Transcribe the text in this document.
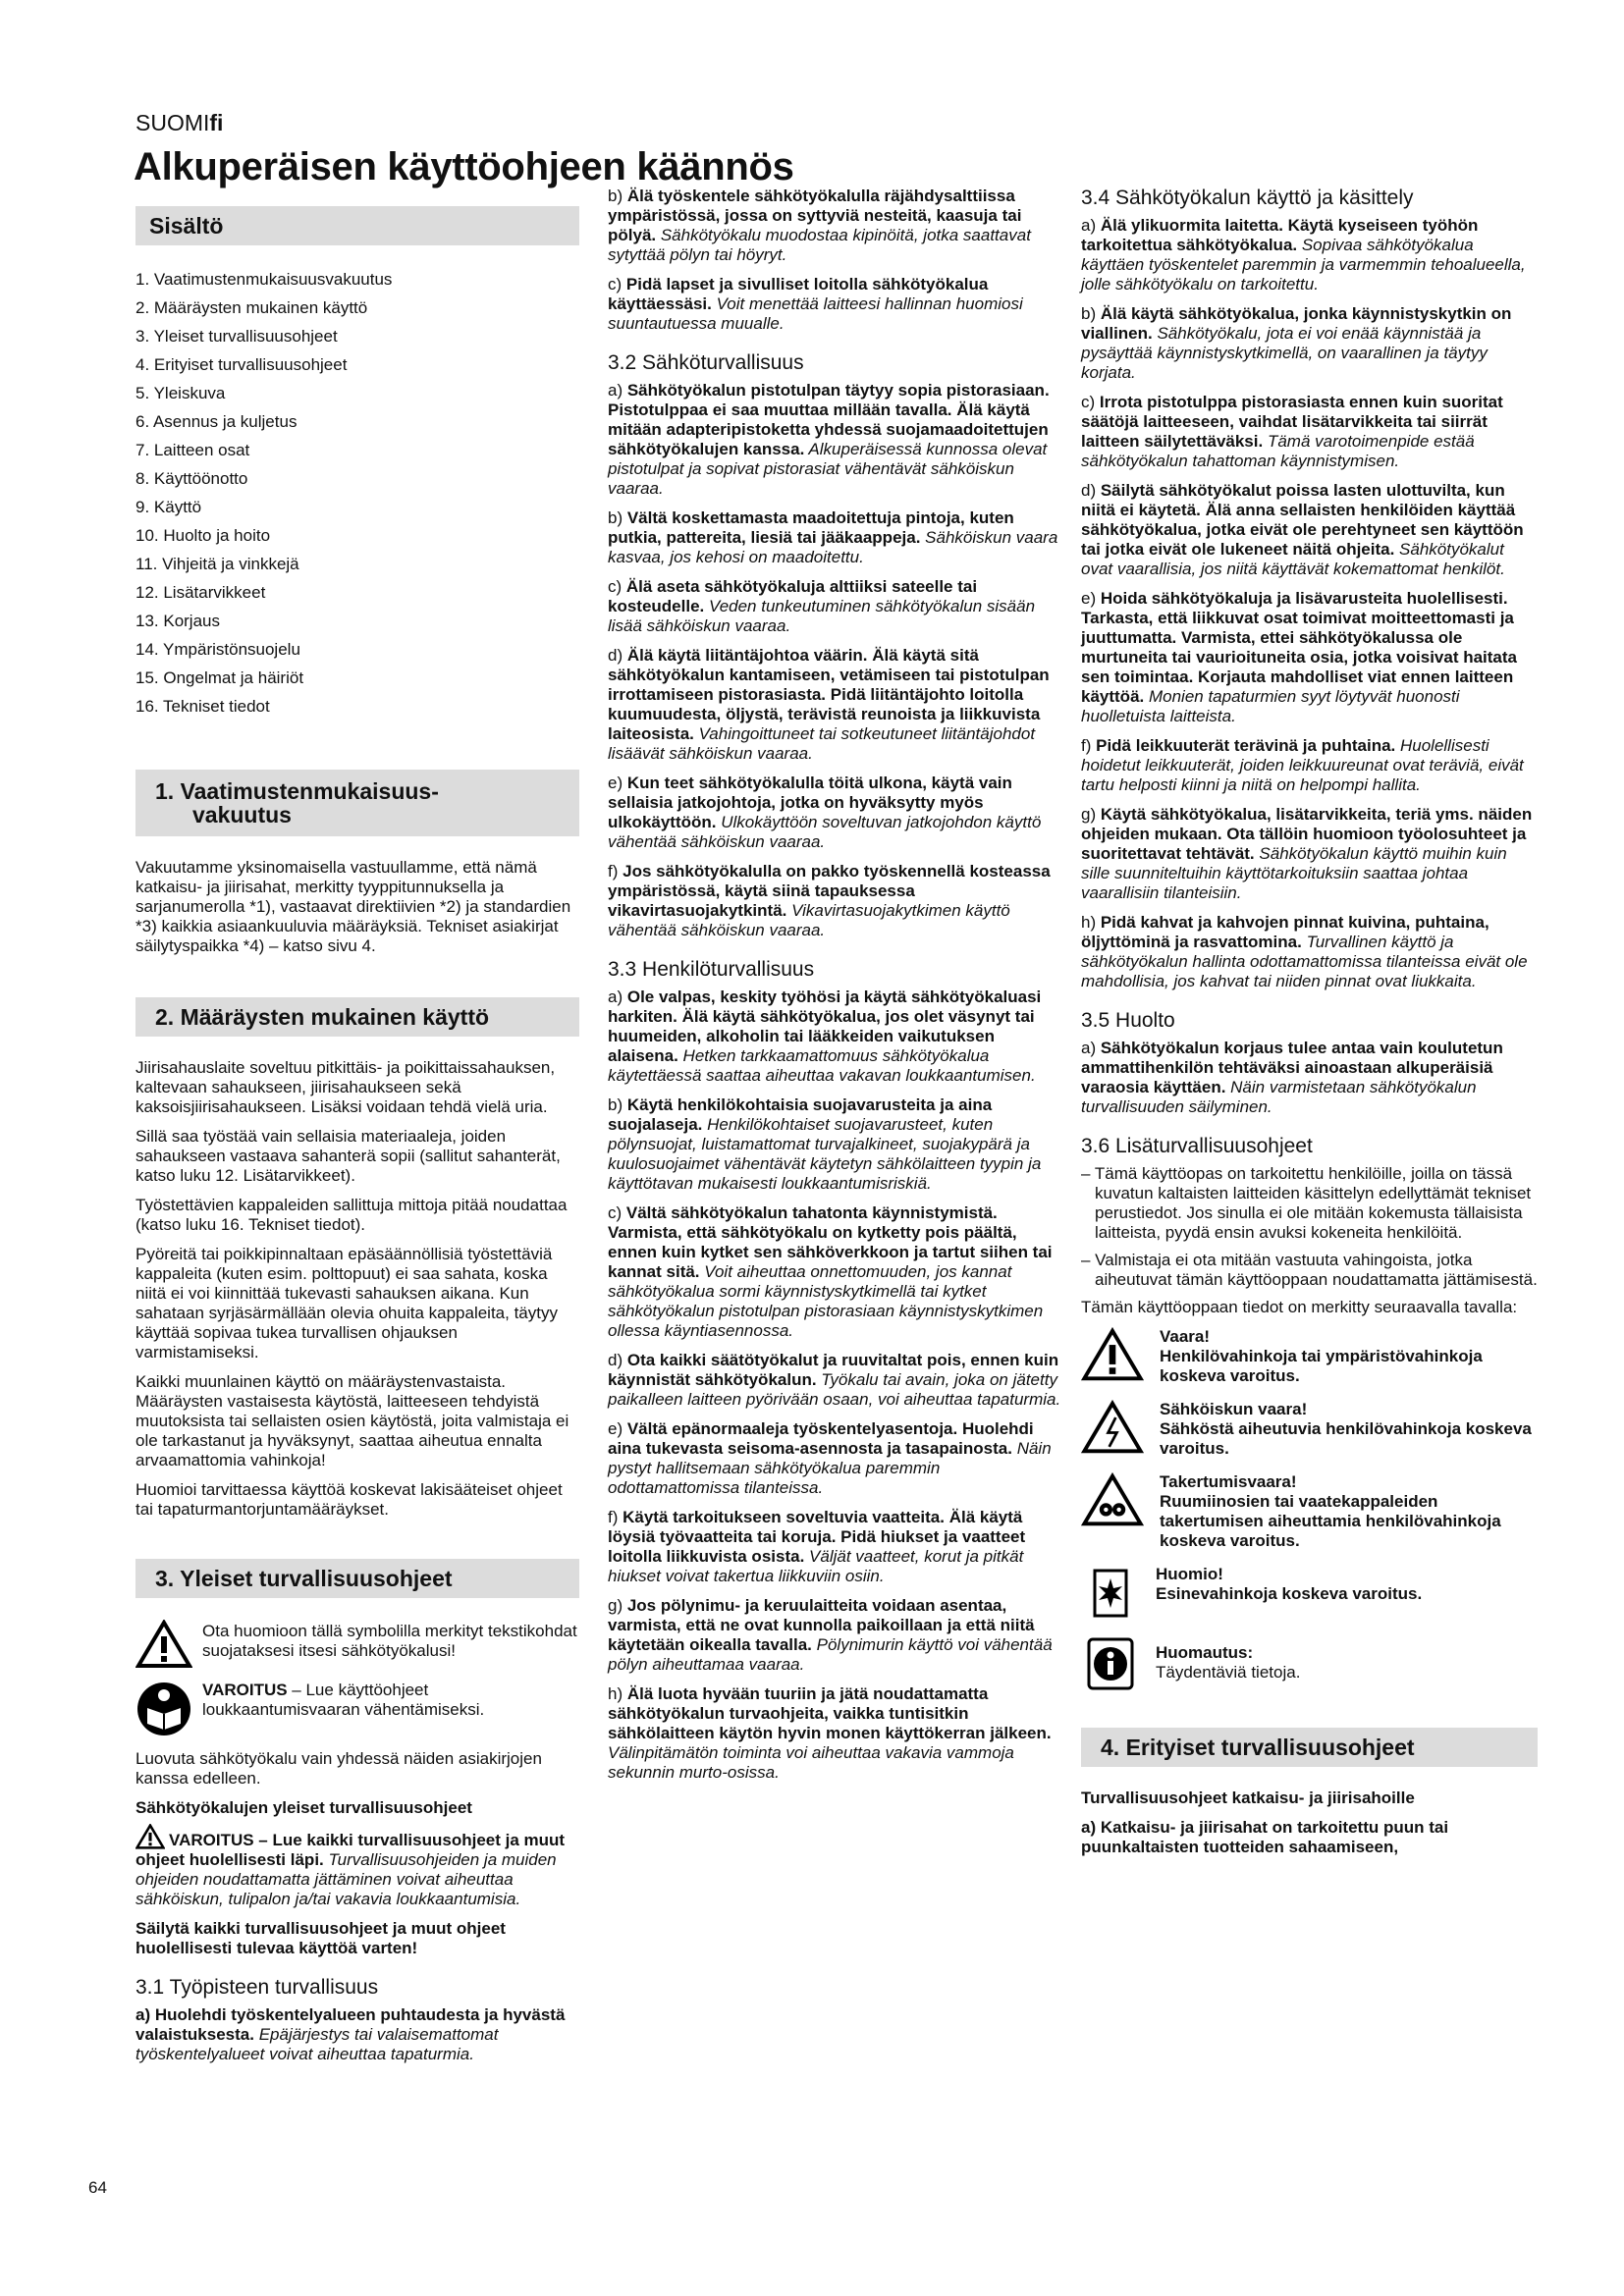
SUOMIfi
Alkuperäisen käyttöohjeen käännös
Sisältö
1. Vaatimustenmukaisuusvakuutus
2. Määräysten mukainen käyttö
3. Yleiset turvallisuusohjeet
4. Erityiset turvallisuusohjeet
5. Yleiskuva
6. Asennus ja kuljetus
7. Laitteen osat
8. Käyttöönotto
9. Käyttö
10. Huolto ja hoito
11. Vihjeitä ja vinkkejä
12. Lisätarvikkeet
13. Korjaus
14. Ympäristönsuojelu
15. Ongelmat ja häiriöt
16. Tekniset tiedot
1. Vaatimustenmukaisuus-
vakuutus

Vakuutamme yksinomaisella vastuullamme, että nämä katkaisu- ja jiirisahat, merkitty tyyppitunnuksella ja sarjanumerolla *1), vastaavat direktiivien *2) ja standardien *3) kaikkia asiaankuuluvia määräyksiä. Tekniset asiakirjat säilytyspaikka *4) – katso sivu 4.

2. Määräysten mukainen käyttö

Jiirisahauslaite soveltuu pitkittäis- ja poikittaissahauksen, kaltevaan sahaukseen, jiirisahaukseen sekä kaksoisjiirisahaukseen. Lisäksi voidaan tehdä vielä uria.

Sillä saa työstää vain sellaisia materiaaleja, joiden sahaukseen vastaava sahanterä sopii (sallitut sahanterät, katso luku 12. Lisätarvikkeet).

Työstettävien kappaleiden sallittuja mittoja pitää noudattaa (katso luku 16. Tekniset tiedot).

Pyöreitä tai poikkipinnaltaan epäsäännöllisiä työstettäviä kappaleita (kuten esim. polttopuut) ei saa sahata, koska niitä ei voi kiinnittää tukevasti sahauksen aikana. Kun sahataan syrjäsärmällään olevia ohuita kappaleita, täytyy käyttää sopivaa tukea turvallisen ohjauksen varmistamiseksi.

Kaikki muunlainen käyttö on määräystenvastaista. Määräysten vastaisesta käytöstä, laitteeseen tehdyistä muutoksista tai sellaisten osien käytöstä, joita valmistaja ei ole tarkastanut ja hyväksynyt, saattaa aiheutua ennalta arvaamattomia vahinkoja!

Huomioi tarvittaessa käyttöä koskevat lakisääteiset ohjeet tai tapaturmantorjuntamääräykset.

3. Yleiset turvallisuusohjeet
Ota huomioon tällä symbolilla merkityt tekstikohdat suojataksesi itsesi sähkötyökalusi!
VAROITUS – Lue käyttöohjeet loukkaantumisvaaran vähentämiseksi.

Luovuta sähkötyökalu vain yhdessä näiden asiakirjojen kanssa edelleen.

Sähkötyökalujen yleiset turvallisuusohjeet

VAROITUS – Lue kaikki turvallisuusohjeet ja muut ohjeet huolellisesti läpi. Turvallisuusohjeiden ja muiden ohjeiden noudattamatta jättäminen voivat aiheuttaa sähköiskun, tulipalon ja/tai vakavia loukkaantumisia.

Säilytä kaikki turvallisuusohjeet ja muut ohjeet huolellisesti tulevaa käyttöä varten!

3.1 Työpisteen turvallisuus

a) Huolehdi työskentelyalueen puhtaudesta ja hyvästä valaistuksesta. Epäjärjestys tai valaisemattomat työskentelyalueet voivat aiheuttaa tapaturmia.

b) Älä työskentele sähkötyökalulla räjähdysalttiissa ympäristössä, jossa on syttyviä nesteitä, kaasuja tai pölyä. Sähkötyökalu muodostaa kipinöitä, jotka saattavat sytyttää pölyn tai höyryt.

c) Pidä lapset ja sivulliset loitolla sähkötyökalua käyttäessäsi. Voit menettää laitteesi hallinnan huomiosi suuntautuessa muualle.

3.2 Sähköturvallisuus

a) Sähkötyökalun pistotulpan täytyy sopia pistorasiaan. Pistotulppaa ei saa muuttaa millään tavalla. Älä käytä mitään adapteripistoketta yhdessä suojamaadoitettujen sähkötyökalujen kanssa. Alkuperäisessä kunnossa olevat pistotulpat ja sopivat pistorasiat vähentävät sähköiskun vaaraa.

b) Vältä koskettamasta maadoitettuja pintoja, kuten putkia, pattereita, liesiä tai jääkaappeja. Sähköiskun vaara kasvaa, jos kehosi on maadoitettu.

c) Älä aseta sähkötyökaluja alttiiksi sateelle tai kosteudelle. Veden tunkeutuminen sähkötyökalun sisään lisää sähköiskun vaaraa.

d) Älä käytä liitäntäjohtoa väärin. Älä käytä sitä sähkötyökalun kantamiseen, vetämiseen tai pistotulpan irrottamiseen pistorasiasta. Pidä liitäntäjohto loitolla kuumuudesta, öljystä, terävistä reunoista ja liikkuvista laiteosista. Vahingoittuneet tai sotkeutuneet liitäntäjohdot lisäävät sähköiskun vaaraa.

e) Kun teet sähkötyökalulla töitä ulkona, käytä vain sellaisia jatkojohtoja, jotka on hyväksytty myös ulkokäyttöön. Ulkokäyttöön soveltuvan jatkojohdon käyttö vähentää sähköiskun vaaraa.

f) Jos sähkötyökalulla on pakko työskennellä kosteassa ympäristössä, käytä siinä tapauksessa vikavirtasuojakytkintä. Vikavirtasuojakytkimen käyttö vähentää sähköiskun vaaraa.

3.3 Henkilöturvallisuus

a) Ole valpas, keskity työhösi ja käytä sähkötyökaluasi harkiten. Älä käytä sähkötyökalua, jos olet väsynyt tai huumeiden, alkoholin tai lääkkeiden vaikutuksen alaisena. Hetken tarkkaamattomuus sähkötyökalua käytettäessä saattaa aiheuttaa vakavan loukkaantumisen.

b) Käytä henkilökohtaisia suojavarusteita ja aina suojalaseja. Henkilökohtaiset suojavarusteet, kuten pölynsuojat, luistamattomat turvajalkineet, suojakypärä ja kuulosuojaimet vähentävät käytetyn sähkölaitteen tyypin ja käyttötavan mukaisesti loukkaantumisriskiä.

c) Vältä sähkötyökalun tahatonta käynnistymistä. Varmista, että sähkötyökalu on kytketty pois päältä, ennen kuin kytket sen sähköverkkoon ja tartut siihen tai kannat sitä. Voit aiheuttaa onnettomuuden, jos kannat sähkötyökalua sormi käynnistyskytkimellä tai kytket sähkötyökalun pistotulpan pistorasiaan käynnistyskytkimen ollessa käyntiasennossa.

d) Ota kaikki säätötyökalut ja ruuvitaltat pois, ennen kuin käynnistät sähkötyökalun. Työkalu tai avain, joka on jätetty paikalleen laitteen pyörivään osaan, voi aiheuttaa tapaturmia.

e) Vältä epänormaaleja työskentelyasentoja. Huolehdi aina tukevasta seisoma-asennosta ja tasapainosta. Näin pystyt hallitsemaan sähkötyökalua paremmin odottamattomissa tilanteissa.

f) Käytä tarkoitukseen soveltuvia vaatteita. Älä käytä löysiä työvaatteita tai koruja. Pidä hiukset ja vaatteet loitolla liikkuvista osista. Väljät vaatteet, korut ja pitkät hiukset voivat takertua liikkuviin osiin.

g) Jos pölynimu- ja keruulaitteita voidaan asentaa, varmista, että ne ovat kunnolla paikoillaan ja että niitä käytetään oikealla tavalla. Pölynimurin käyttö voi vähentää pölyn aiheuttamaa vaaraa.

h) Älä luota hyvään tuuriin ja jätä noudattamatta sähkötyökalun turvaohjeita, vaikka tuntisitkin sähkölaitteen käytön hyvin monen käyttökerran jälkeen. Välinpitämätön toiminta voi aiheuttaa vakavia vammoja sekunnin murto-osissa.

3.4 Sähkötyökalun käyttö ja käsittely

a) Älä ylikuormita laitetta. Käytä kyseiseen työhön tarkoitettua sähkötyökalua. Sopivaa sähkötyökalua käyttäen työskentelet paremmin ja varmemmin tehoalueella, jolle sähkötyökalu on tarkoitettu.

b) Älä käytä sähkötyökalua, jonka käynnistyskytkin on viallinen. Sähkötyökalu, jota ei voi enää käynnistää ja pysäyttää käynnistyskytkimellä, on vaarallinen ja täytyy korjata.

c) Irrota pistotulppa pistorasiasta ennen kuin suoritat säätöjä laitteeseen, vaihdat lisätarvikkeita tai siirrät laitteen säilytettäväksi. Tämä varotoimenpide estää sähkötyökalun tahattoman käynnistymisen.

d) Säilytä sähkötyökalut poissa lasten ulottuvilta, kun niitä ei käytetä. Älä anna sellaisten henkilöiden käyttää sähkötyökalua, jotka eivät ole perehtyneet sen käyttöön tai jotka eivät ole lukeneet näitä ohjeita. Sähkötyökalut ovat vaarallisia, jos niitä käyttävät kokemattomat henkilöt.

e) Hoida sähkötyökaluja ja lisävarusteita huolellisesti. Tarkasta, että liikkuvat osat toimivat moitteettomasti ja juuttumatta. Varmista, ettei sähkötyökalussa ole murtuneita tai vaurioituneita osia, jotka voisivat haitata sen toimintaa. Korjauta mahdolliset viat ennen laitteen käyttöä. Monien tapaturmien syyt löytyvät huonosti huolletuista laitteista.

f) Pidä leikkuuterät terävinä ja puhtaina. Huolellisesti hoidetut leikkuuterät, joiden leikkuureunat ovat teräviä, eivät tartu helposti kiinni ja niitä on helpompi hallita.

g) Käytä sähkötyökalua, lisätarvikkeita, teriä yms. näiden ohjeiden mukaan. Ota tällöin huomioon työolosuhteet ja suoritettavat tehtävät. Sähkötyökalun käyttö muihin kuin sille suunniteltuihin käyttötarkoituksiin saattaa johtaa vaarallisiin tilanteisiin.

h) Pidä kahvat ja kahvojen pinnat kuivina, puhtaina, öljyttöminä ja rasvattomina. Turvallinen käyttö ja sähkötyökalun hallinta odottamattomissa tilanteissa eivät ole mahdollisia, jos kahvat tai niiden pinnat ovat liukkaita.

3.5 Huolto

a) Sähkötyökalun korjaus tulee antaa vain koulutetun ammattihenkilön tehtäväksi ainoastaan alkuperäisiä varaosia käyttäen. Näin varmistetaan sähkötyökalun turvallisuuden säilyminen.

3.6 Lisäturvallisuusohjeet

– Tämä käyttöopas on tarkoitettu henkilöille, joilla on tässä kuvatun kaltaisten laitteiden käsittelyn edellyttämät tekniset perustiedot. Jos sinulla ei ole mitään kokemusta tällaisista laitteista, pyydä ensin avuksi kokeneita henkilöitä.

– Valmistaja ei ota mitään vastuuta vahingoista, jotka aiheutuvat tämän käyttöoppaan noudattamatta jättämisestä.

Tämän käyttöoppaan tiedot on merkitty seuraavalla tavalla:

Vaara!
Henkilövahinkoja tai ympäristövahinkoja koskeva varoitus.
Sähköiskun vaara!
Sähköstä aiheutuvia henkilövahinkoja koskeva varoitus.
Takertumisvaara!
Ruumiinosien tai vaatekappaleiden takertumisen aiheuttamia henkilövahinkoja koskeva varoitus.
Huomio!
Esinevahinkoja koskeva varoitus.
Huomautus:
Täydentäviä tietoja.
4. Erityiset turvallisuusohjeet

Turvallisuusohjeet katkaisu- ja jiirisahoille

a) Katkaisu- ja jiirisahat on tarkoitettu puun tai puunkaltaisten tuotteiden sahaamiseen,

64
